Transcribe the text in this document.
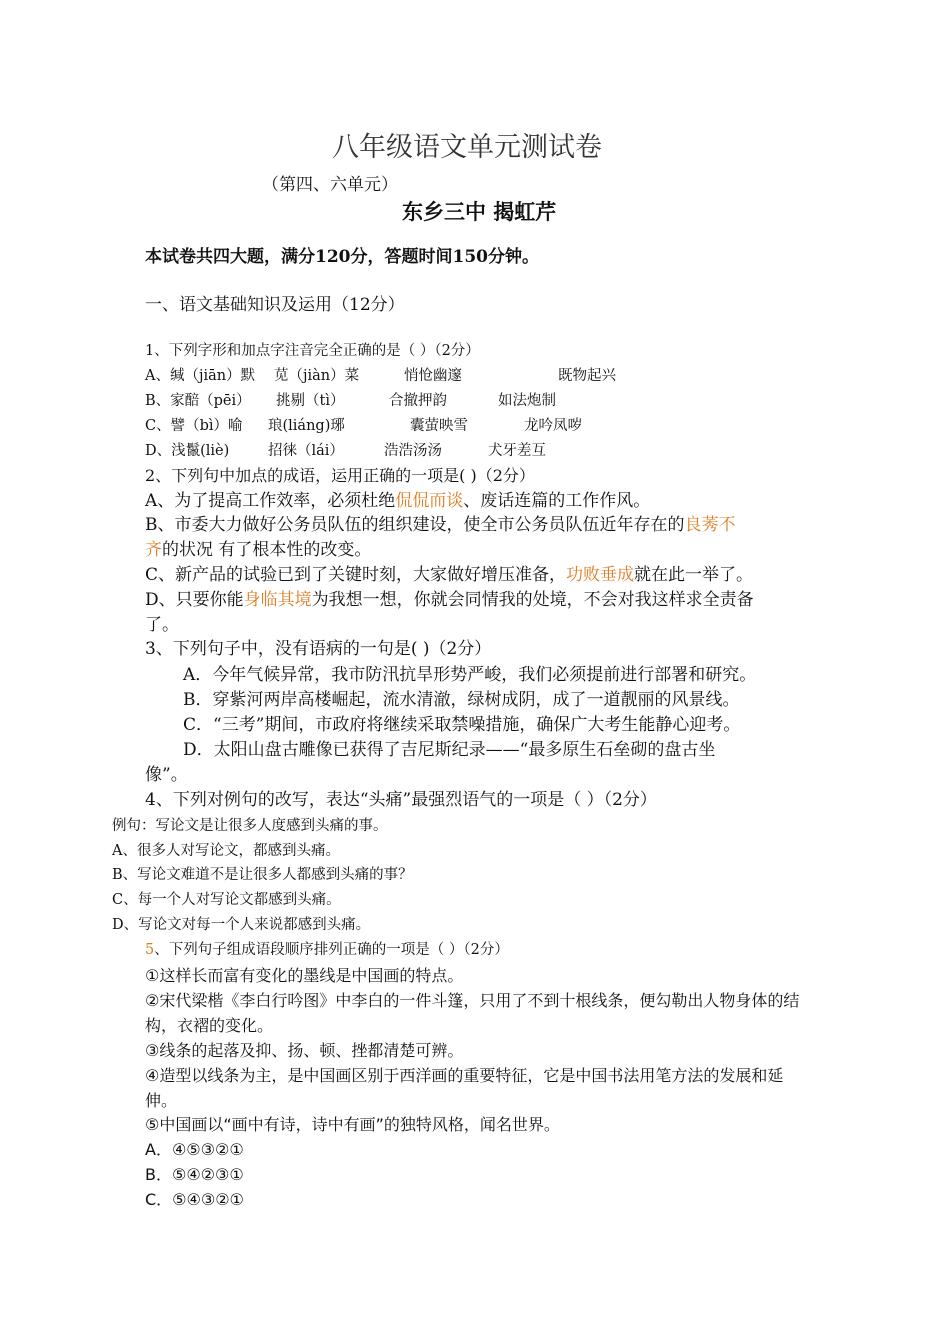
八年级语文单元测试卷
（第四、六单元）
东乡三中 揭虹芹
本试卷共四大题，满分120分，答题时间150分钟。
一、语文基础知识及运用（12分）
1、下列字形和加点字注音完全正确的是（ ）（2分）
A、缄（jiān）默 苋（jiàn）菜	悄怆幽邃	既物起兴
B、家醅（pēi） 挑剔（tì）	合撤押韵	如法炮制
C、譬（bì）喻 琅(liáng)琊	囊萤映雪	龙吟凤哕
D、浅鬣(liè)	招徕（lái）	浩浩汤汤	犬牙差互
2、下列句中加点的成语，运用正确的一项是( )（2分）
A、为了提高工作效率，必须杜绝侃侃而谈、废话连篇的工作作风。
B、市委大力做好公务员队伍的组织建设，使全市公务员队伍近年存在的良莠不
齐的状况 有了根本性的改变。
C、新产品的试验已到了关键时刻，大家做好增压准备，功败垂成就在此一举了。
D、只要你能身临其境为我想一想，你就会同情我的处境，不会对我这样求全责备
了。
3、下列句子中，没有语病的一句是( )（2分）
A．今年气候异常，我市防汛抗旱形势严峻，我们必须提前进行部署和研究。
B．穿紫河两岸高楼崛起，流水清澈，绿树成阴，成了一道靓丽的风景线。
C．“三考”期间，市政府将继续采取禁噪措施，确保广大考生能静心迎考。
D．太阳山盘古雕像已获得了吉尼斯纪录——“最多原生石垒砌的盘古坐
像”。
4、下列对例句的改写，表达“头痛”最强烈语气的一项是（ ）（2分）
例句：写论文是让很多人度感到头痛的事。
A、很多人对写论文，都感到头痛。
B、写论文难道不是让很多人都感到头痛的事？
C、每一个人对写论文都感到头痛。
D、写论文对每一个人来说都感到头痛。
5、下列句子组成语段顺序排列正确的一项是（ ）（2分）
①这样长而富有变化的墨线是中国画的特点。
②宋代梁楷《李白行吟图》中李白的一件斗篷，只用了不到十根线条，便勾勒出人物身体的结
构，衣褶的变化。
③线条的起落及抑、扬、顿、挫都清楚可辨。
④造型以线条为主，是中国画区别于西洋画的重要特征，它是中国书法用笔方法的发展和延
伸。
⑤中国画以“画中有诗，诗中有画”的独特风格，闻名世界。
A．④⑤③②①
B．⑤④②③①
C．⑤④③②①
